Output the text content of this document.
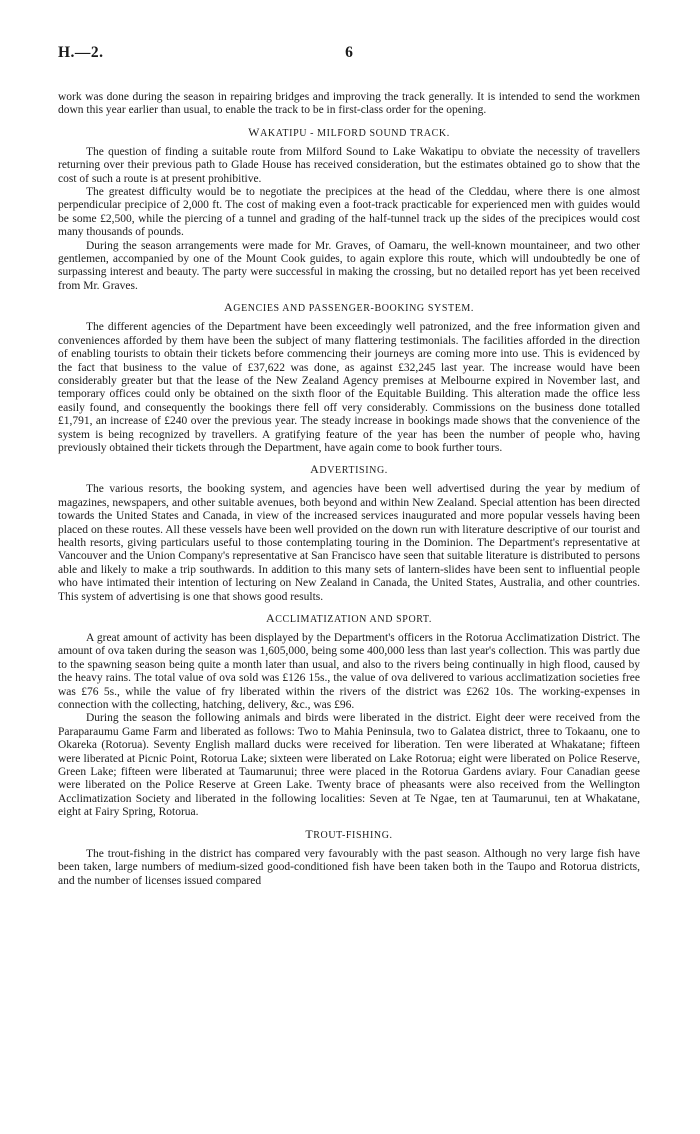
H.—2.	6

work was done during the season in repairing bridges and improving the track generally. It is intended to send the workmen down this year earlier than usual, to enable the track to be in first-class order for the opening.

WAKATIPU - MILFORD SOUND TRACK.

The question of finding a suitable route from Milford Sound to Lake Wakatipu to obviate the necessity of travellers returning over their previous path to Glade House has received consideration, but the estimates obtained go to show that the cost of such a route is at present prohibitive.

The greatest difficulty would be to negotiate the precipices at the head of the Cleddau, where there is one almost perpendicular precipice of 2,000 ft. The cost of making even a foot-track practicable for experienced men with guides would be some £2,500, while the piercing of a tunnel and grading of the half-tunnel track up the sides of the precipices would cost many thousands of pounds.

During the season arrangements were made for Mr. Graves, of Oamaru, the well-known mountaineer, and two other gentlemen, accompanied by one of the Mount Cook guides, to again explore this route, which will undoubtedly be one of surpassing interest and beauty. The party were successful in making the crossing, but no detailed report has yet been received from Mr. Graves.

AGENCIES AND PASSENGER-BOOKING SYSTEM.

The different agencies of the Department have been exceedingly well patronized, and the free information given and conveniences afforded by them have been the subject of many flattering testimonials. The facilities afforded in the direction of enabling tourists to obtain their tickets before commencing their journeys are coming more into use. This is evidenced by the fact that business to the value of £37,622 was done, as against £32,245 last year. The increase would have been considerably greater but that the lease of the New Zealand Agency premises at Melbourne expired in November last, and temporary offices could only be obtained on the sixth floor of the Equitable Building. This alteration made the office less easily found, and consequently the bookings there fell off very considerably. Commissions on the business done totalled £1,791, an increase of £240 over the previous year. The steady increase in bookings made shows that the convenience of the system is being recognized by travellers. A gratifying feature of the year has been the number of people who, having previously obtained their tickets through the Department, have again come to book further tours.

ADVERTISING.

The various resorts, the booking system, and agencies have been well advertised during the year by medium of magazines, newspapers, and other suitable avenues, both beyond and within New Zealand. Special attention has been directed towards the United States and Canada, in view of the increased services inaugurated and more popular vessels having been placed on these routes. All these vessels have been well provided on the down run with literature descriptive of our tourist and health resorts, giving particulars useful to those contemplating touring in the Dominion. The Department's representative at Vancouver and the Union Company's representative at San Francisco have seen that suitable literature is distributed to persons able and likely to make a trip southwards. In addition to this many sets of lantern-slides have been sent to influential people who have intimated their intention of lecturing on New Zealand in Canada, the United States, Australia, and other countries. This system of advertising is one that shows good results.

ACCLIMATIZATION AND SPORT.

A great amount of activity has been displayed by the Department's officers in the Rotorua Acclimatization District. The amount of ova taken during the season was 1,605,000, being some 400,000 less than last year's collection. This was partly due to the spawning season being quite a month later than usual, and also to the rivers being continually in high flood, caused by the heavy rains. The total value of ova sold was £126 15s., the value of ova delivered to various acclimatization societies free was £76 5s., while the value of fry liberated within the rivers of the district was £262 10s. The working-expenses in connection with the collecting, hatching, delivery, &c., was £96.

During the season the following animals and birds were liberated in the district. Eight deer were received from the Paraparaumu Game Farm and liberated as follows: Two to Mahia Peninsula, two to Galatea district, three to Tokaanu, one to Okareka (Rotorua). Seventy English mallard ducks were received for liberation. Ten were liberated at Whakatane; fifteen were liberated at Picnic Point, Rotorua Lake; sixteen were liberated on Lake Rotorua; eight were liberated on Police Reserve, Green Lake; fifteen were liberated at Taumarunui; three were placed in the Rotorua Gardens aviary. Four Canadian geese were liberated on the Police Reserve at Green Lake. Twenty brace of pheasants were also received from the Wellington Acclimatization Society and liberated in the following localities: Seven at Te Ngae, ten at Taumarunui, ten at Whakatane, eight at Fairy Spring, Rotorua.

TROUT-FISHING.

The trout-fishing in the district has compared very favourably with the past season. Although no very large fish have been taken, large numbers of medium-sized good-conditioned fish have been taken both in the Taupo and Rotorua districts, and the number of licenses issued compared
